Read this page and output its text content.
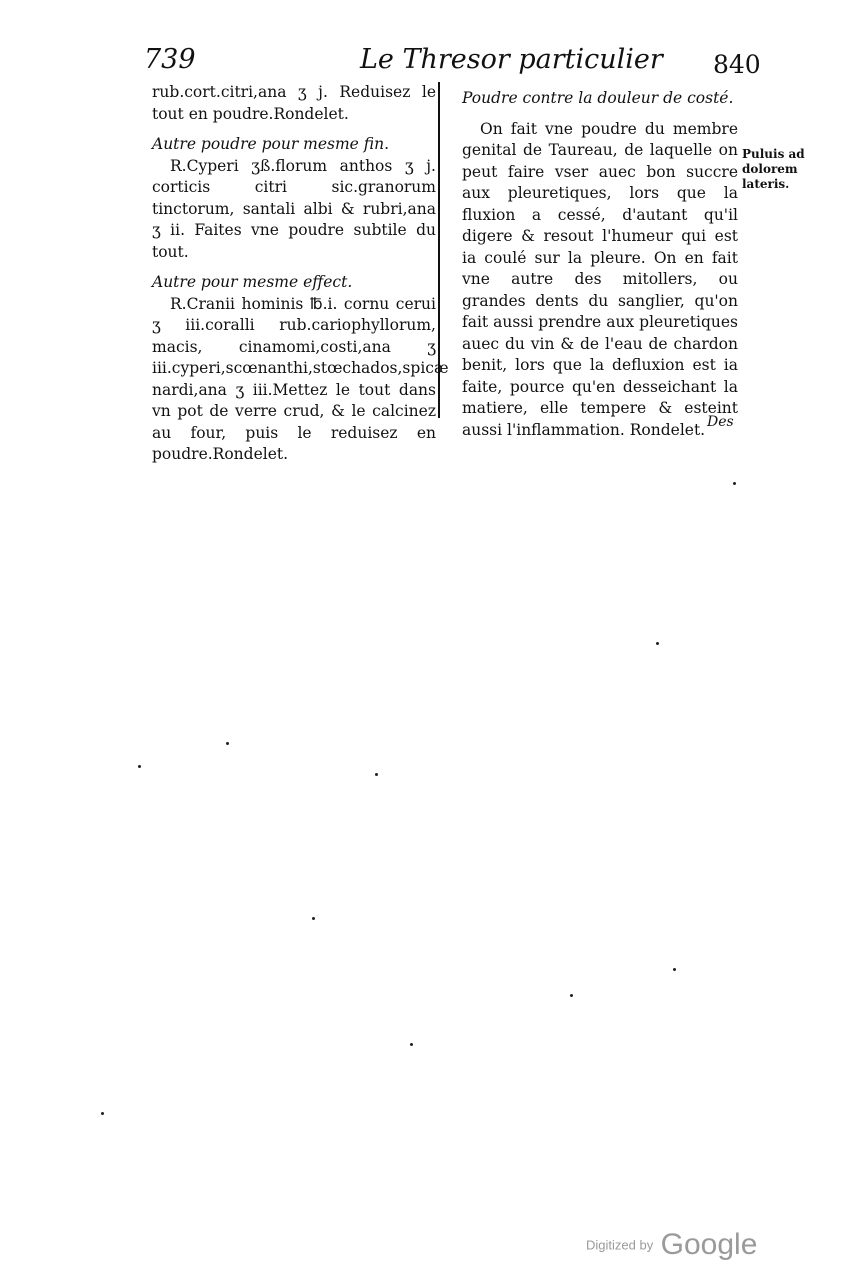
739	Le Thresor particulier 840

rub.cort.citri,ana ʒ j. Reduisez le tout en poudre.Rondelet.

Autre poudre pour mesme fin.

R.Cyperi ʒß.florum anthos ʒ j. corticis citri sic.granorum tinctorum, santali albi & rubri,ana ʒ ii. Faites vne poudre subtile du tout.

Autre pour mesme effect.

R.Cranii hominis ℔.i. cornu cerui ʒ iii.coralli rub.cariophyllorum, macis, cinamomi,costi,ana ʒ iii.cyperi,scœnanthi,stœchados,spicæ nardi,ana ʒ iii.Mettez le tout dans vn pot de verre crud, & le calcinez au four, puis le reduisez en poudre.Rondelet.

Poudre contre la douleur de costé.

On fait vne poudre du membre genital de Taureau, de laquelle on peut faire vser auec bon succre aux pleuretiques, lors que la fluxion a cessé, d'autant qu'il digere & resout l'humeur qui est ia coulé sur la pleure. On en fait vne autre des mitollers, ou grandes dents du sanglier, qu'on fait aussi prendre aux pleuretiques auec du vin & de l'eau de chardon benit, lors que la defluxion est ia faite, pource qu'en desseichant la matiere, elle tempere & esteint aussi l'inflammation. Rondelet.

Puluis ad
dolorem
lateris.
Des
Digitized by Google
